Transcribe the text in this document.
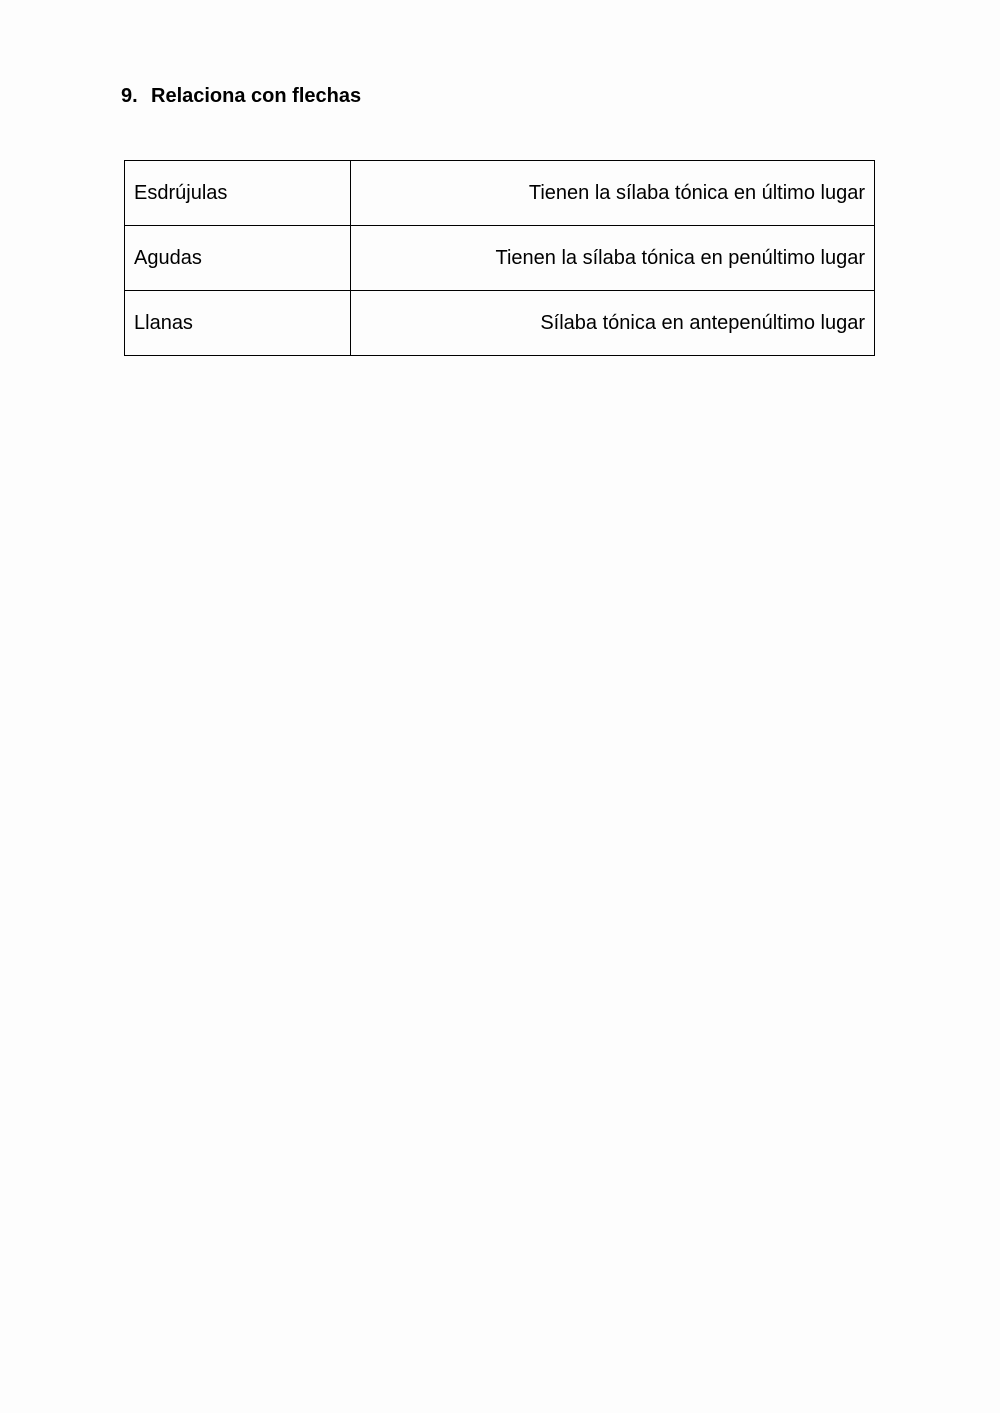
9. Relaciona con flechas
Esdrújulas	Tienen la sílaba tónica en último lugar
Agudas	Tienen la sílaba tónica en penúltimo lugar
Llanas	Sílaba tónica en antepenúltimo lugar
